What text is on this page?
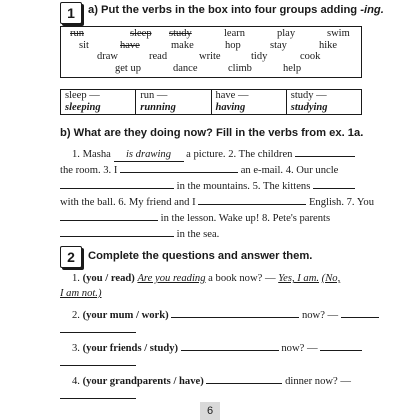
1	a) Put the verbs in the box into four groups adding -ing.
run	sleep study	learn	play	swim
sit	have	make	hop	stay	hike
draw	read	write	tidy	cook
get up	dance	climb	help
sleep —
sleeping

run —
running

have —
having

study —
studying
b) What are they doing now? Fill in the verbs from ex. 1a.
1. Masha is drawing a picture. 2. The children
the room. 3. I	an e-mail. 4. Our uncle
in the mountains. 5. The kittens
with the ball. 6. My friend and I	English. 7. You
in the lesson. Wake up! 8. Pete's parents
in the sea.
2	Complete the questions and answer them.
1. (you / read) Are you reading a book now? — Yes, I am. (No,
I am not.)
2. (your mum / work)	now? —
3. (your friends / study)	now? —
4. (your grandparents / have)	dinner now? —
6
